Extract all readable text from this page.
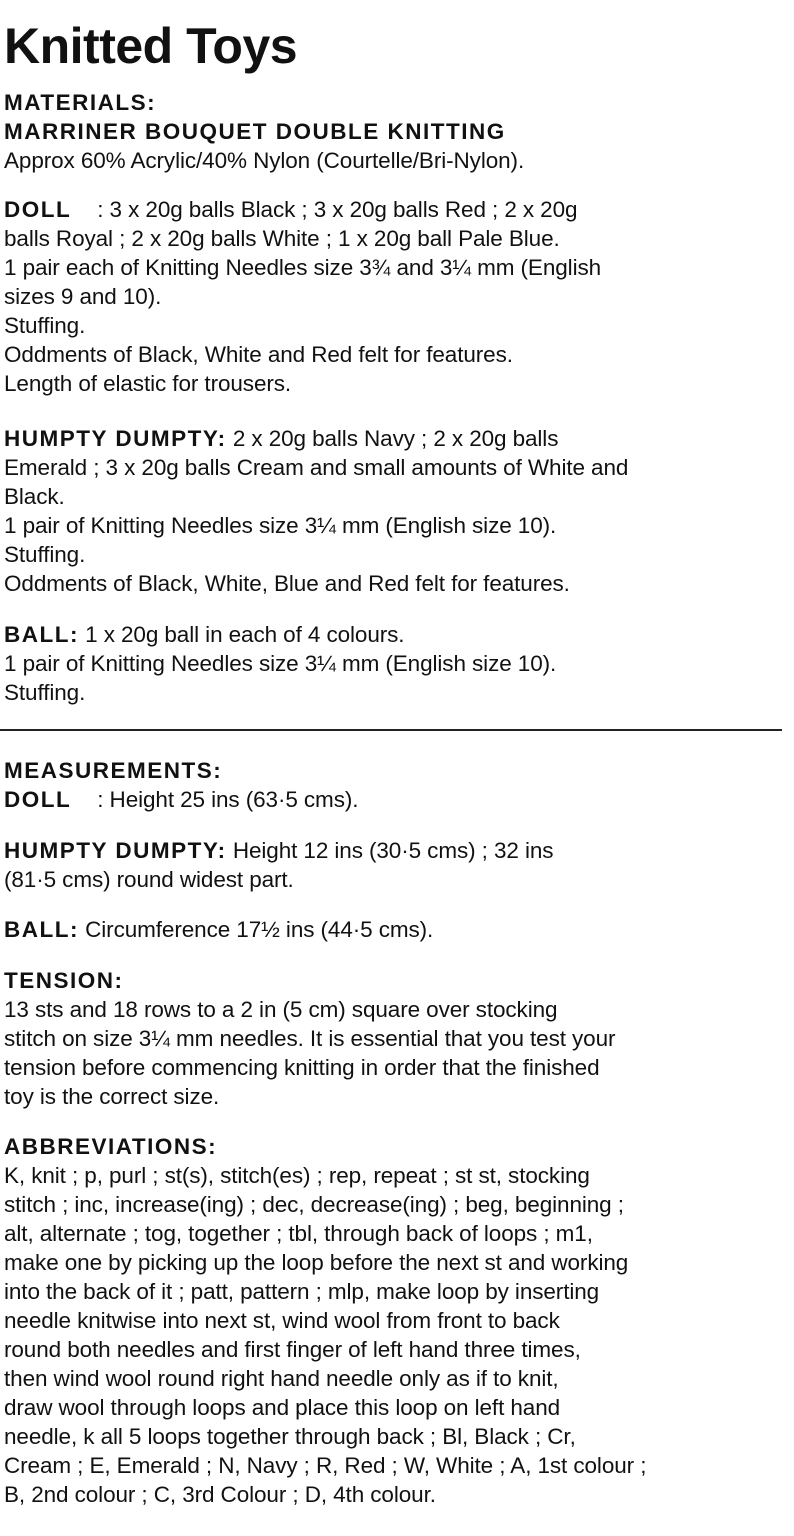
Knitted Toys

MATERIALS:

MARRINER BOUQUET DOUBLE KNITTING

Approx 60% Acrylic/40% Nylon (Courtelle/Bri-Nylon).

DOLL : 3 x 20g balls Black ; 3 x 20g balls Red ; 2 x 20g

balls Royal ; 2 x 20g balls White ; 1 x 20g ball Pale Blue.

1 pair each of Knitting Needles size 3¾ and 3¼ mm (English

sizes 9 and 10).

Stuffing.

Oddments of Black, White and Red felt for features.

Length of elastic for trousers.

HUMPTY DUMPTY: 2 x 20g balls Navy ; 2 x 20g balls

Emerald ; 3 x 20g balls Cream and small amounts of White and

Black.

1 pair of Knitting Needles size 3¼ mm (English size 10).

Stuffing.

Oddments of Black, White, Blue and Red felt for features.

BALL: 1 x 20g ball in each of 4 colours.

1 pair of Knitting Needles size 3¼ mm (English size 10).

Stuffing.

MEASUREMENTS:

DOLL : Height 25 ins (63·5 cms).

HUMPTY DUMPTY: Height 12 ins (30·5 cms) ; 32 ins

(81·5 cms) round widest part.

BALL: Circumference 17½ ins (44·5 cms).

TENSION:

13 sts and 18 rows to a 2 in (5 cm) square over stocking

stitch on size 3¼ mm needles. It is essential that you test your

tension before commencing knitting in order that the finished

toy is the correct size.

ABBREVIATIONS:

K, knit ; p, purl ; st(s), stitch(es) ; rep, repeat ; st st, stocking

stitch ; inc, increase(ing) ; dec, decrease(ing) ; beg, beginning ;

alt, alternate ; tog, together ; tbl, through back of loops ; m1,

make one by picking up the loop before the next st and working

into the back of it ; patt, pattern ; mlp, make loop by inserting

needle knitwise into next st, wind wool from front to back

round both needles and first finger of left hand three times,

then wind wool round right hand needle only as if to knit,

draw wool through loops and place this loop on left hand

needle, k all 5 loops together through back ; Bl, Black ; Cr,

Cream ; E, Emerald ; N, Navy ; R, Red ; W, White ; A, 1st colour ;

B, 2nd colour ; C, 3rd Colour ; D, 4th colour.
